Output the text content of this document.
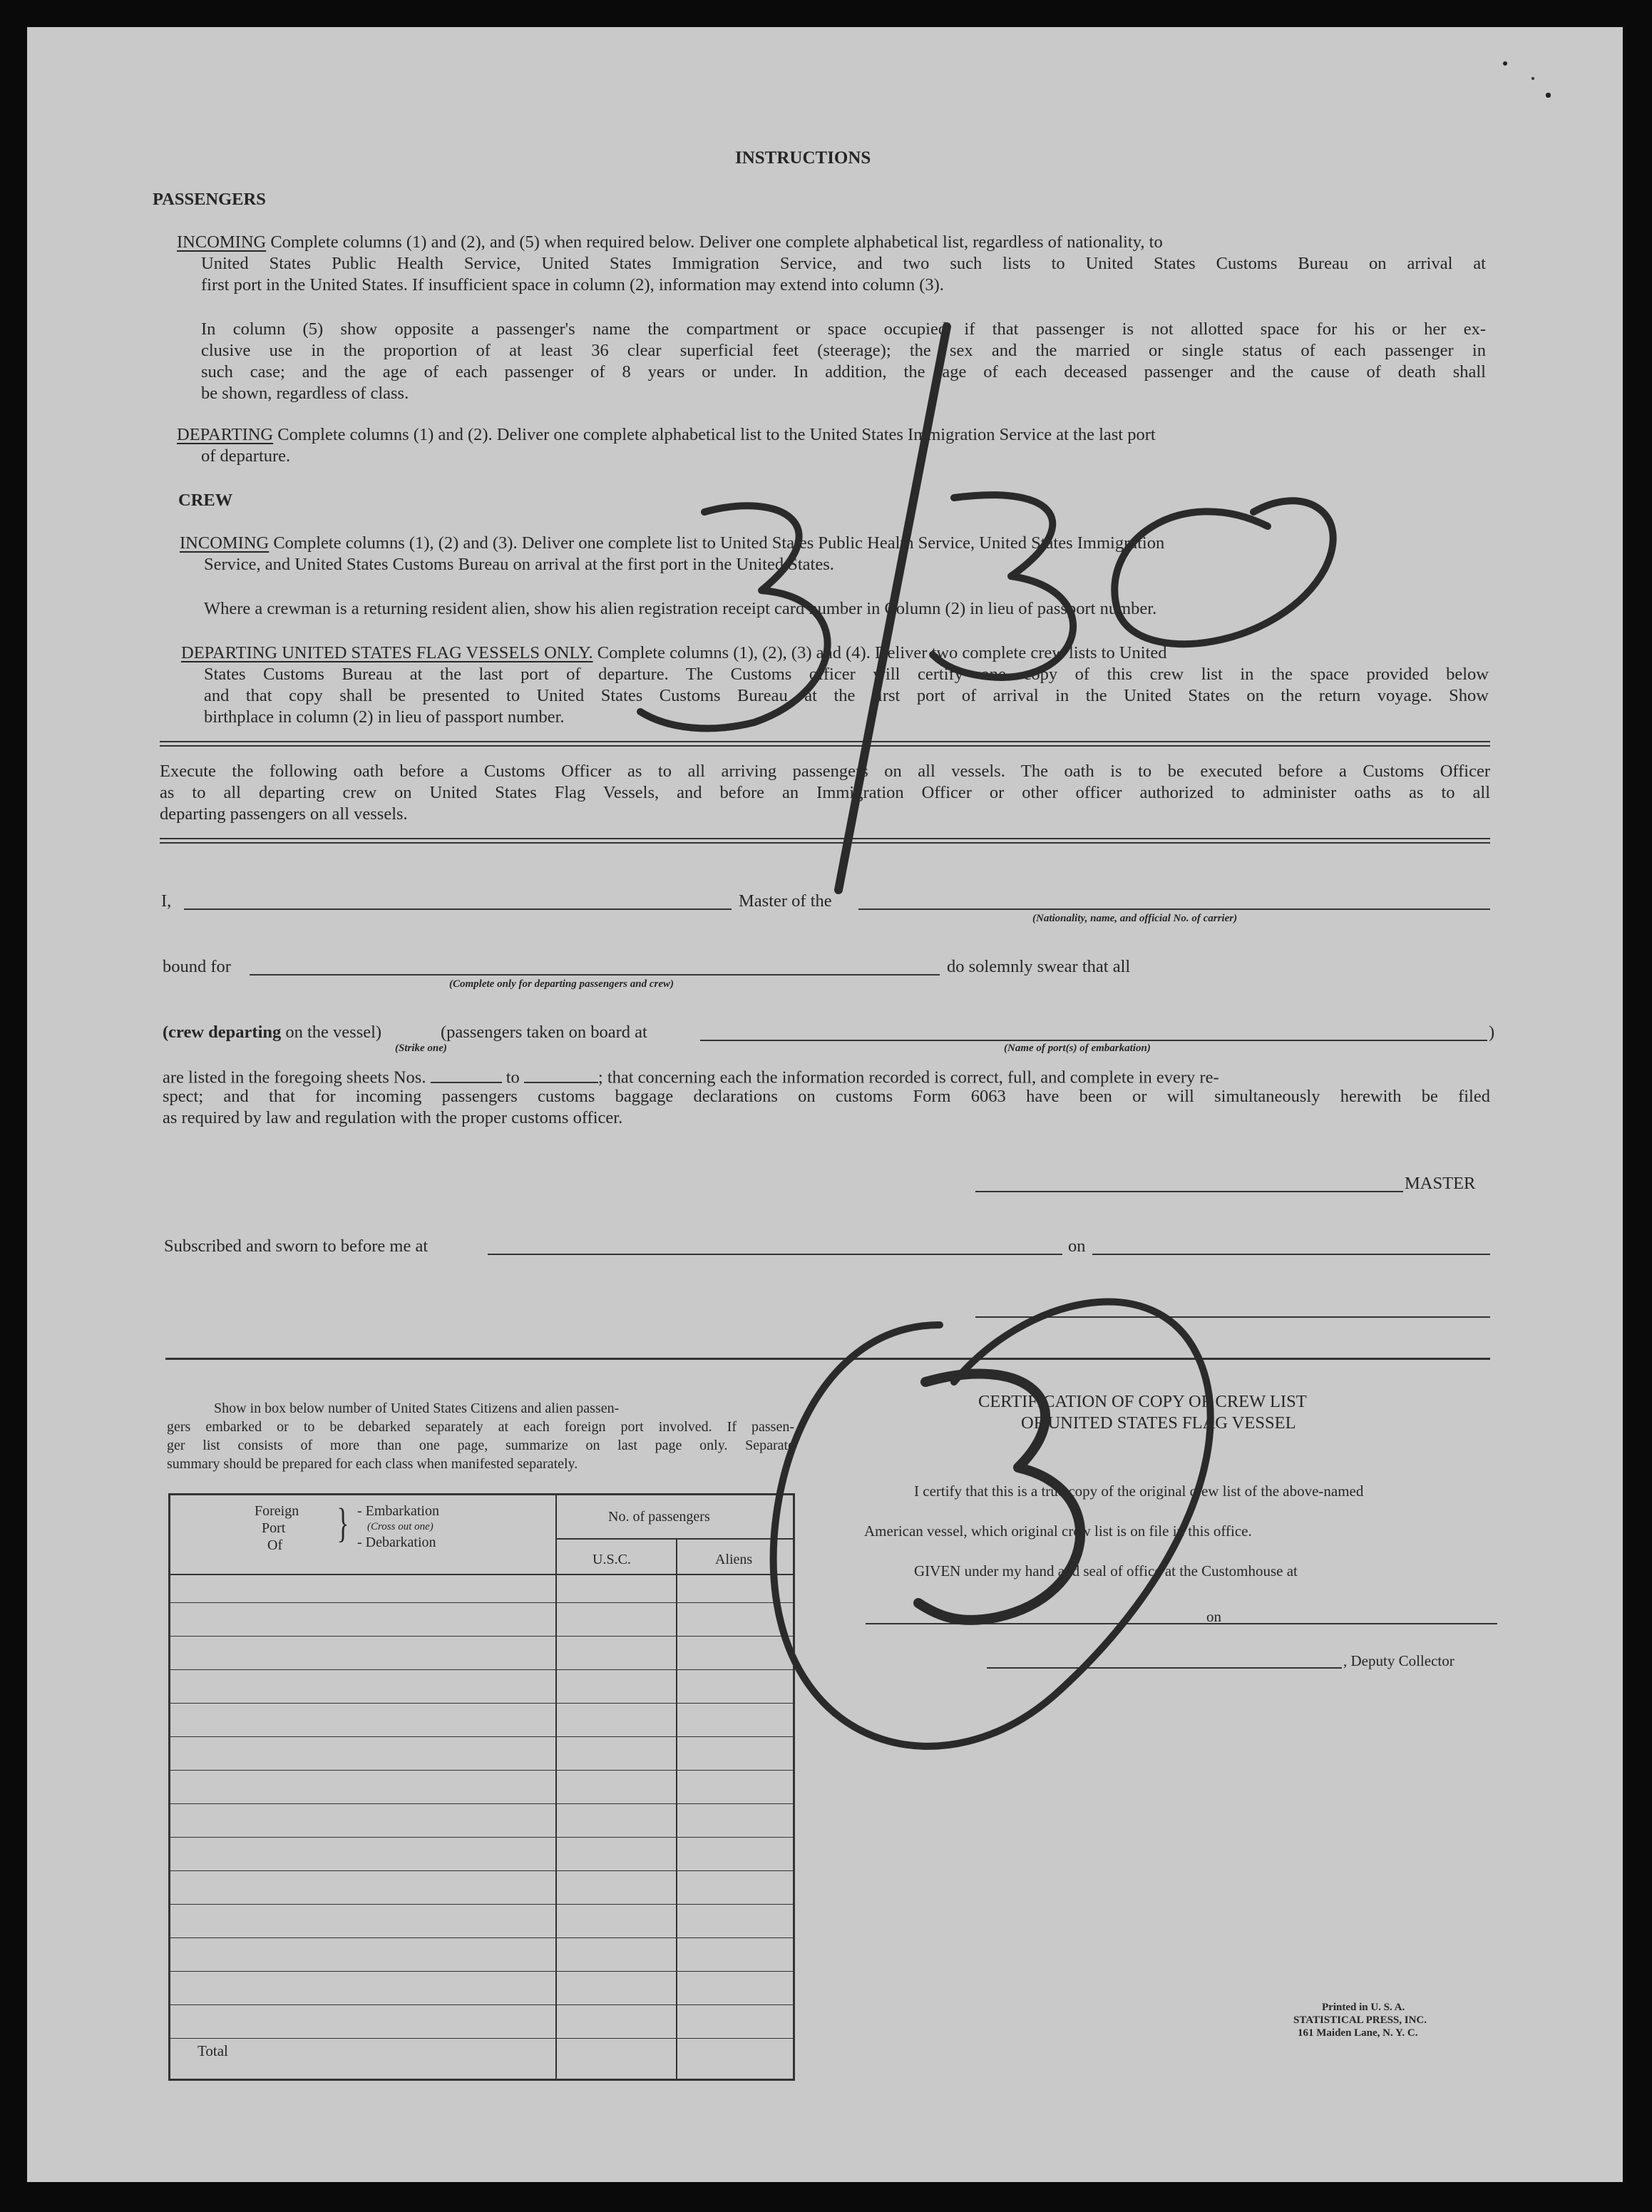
INSTRUCTIONS
PASSENGERS
INCOMING Complete columns (1) and (2), and (5) when required below. Deliver one complete alphabetical list, regardless of nationality, to
United States Public Health Service, United States Immigration Service, and two such lists to United States Customs Bureau on arrival at
first port in the United States. If insufficient space in column (2), information may extend into column (3).
In column (5) show opposite a passenger's name the compartment or space occupied if that passenger is not allotted space for his or her ex-
clusive use in the proportion of at least 36 clear superficial feet (steerage); the sex and the married or single status of each passenger in
such case; and the age of each passenger of 8 years or under. In addition, the age of each deceased passenger and the cause of death shall
be shown, regardless of class.
DEPARTING Complete columns (1) and (2). Deliver one complete alphabetical list to the United States Immigration Service at the last port
of departure.
CREW
INCOMING Complete columns (1), (2) and (3). Deliver one complete list to United States Public Health Service, United States Immigration
Service, and United States Customs Bureau on arrival at the first port in the United States.
Where a crewman is a returning resident alien, show his alien registration receipt card number in Column (2) in lieu of passport number.
DEPARTING UNITED STATES FLAG VESSELS ONLY. Complete columns (1), (2), (3) and (4). Deliver two complete crew lists to United
States Customs Bureau at the last port of departure. The Customs officer will certify one copy of this crew list in the space provided below
and that copy shall be presented to United States Customs Bureau at the first port of arrival in the United States on the return voyage. Show
birthplace in column (2) in lieu of passport number.
Execute the following oath before a Customs Officer as to all arriving passengers on all vessels. The oath is to be executed before a Customs Officer
as to all departing crew on United States Flag Vessels, and before an Immigration Officer or other officer authorized to administer oaths as to all
departing passengers on all vessels.
I,	Master of the
(Nationality, name, and official No. of carrier)
bound for
(Complete only for departing passengers and crew)
do solemnly swear that all
(crew departing on the vessel)	(passengers taken on board at	)
(Strike one)	(Name of port(s) of embarkation)
are listed in the foregoing sheets Nos.	to	; that concerning each the information recorded is correct, full, and complete in every re-
spect; and that for incoming passengers customs baggage declarations on customs Form 6063 have been or will simultaneously herewith be filed
as required by law and regulation with the proper customs officer.
MASTER
Subscribed and sworn to before me at	on
Show in box below number of United States Citizens and alien passen-
gers embarked or to be debarked separately at each foreign port involved. If passen-
ger list consists of more than one page, summarize on last page only. Separate
summary should be prepared for each class when manifested separately.
Foreign
Port
Of } - Embarkation
(Cross out one)
- Debarkation
No. of passengers
U.S.C.	Aliens
Total
CERTIFICATION OF COPY OF CREW LIST
OF UNITED STATES FLAG VESSEL
I certify that this is a true copy of the original crew list of the above-named
American vessel, which original crew list is on file in this office.
GIVEN under my hand and seal of office at the Customhouse at
on
, Deputy Collector
Printed in U. S. A.
STATISTICAL PRESS, INC.
161 Maiden Lane, N. Y. C.
